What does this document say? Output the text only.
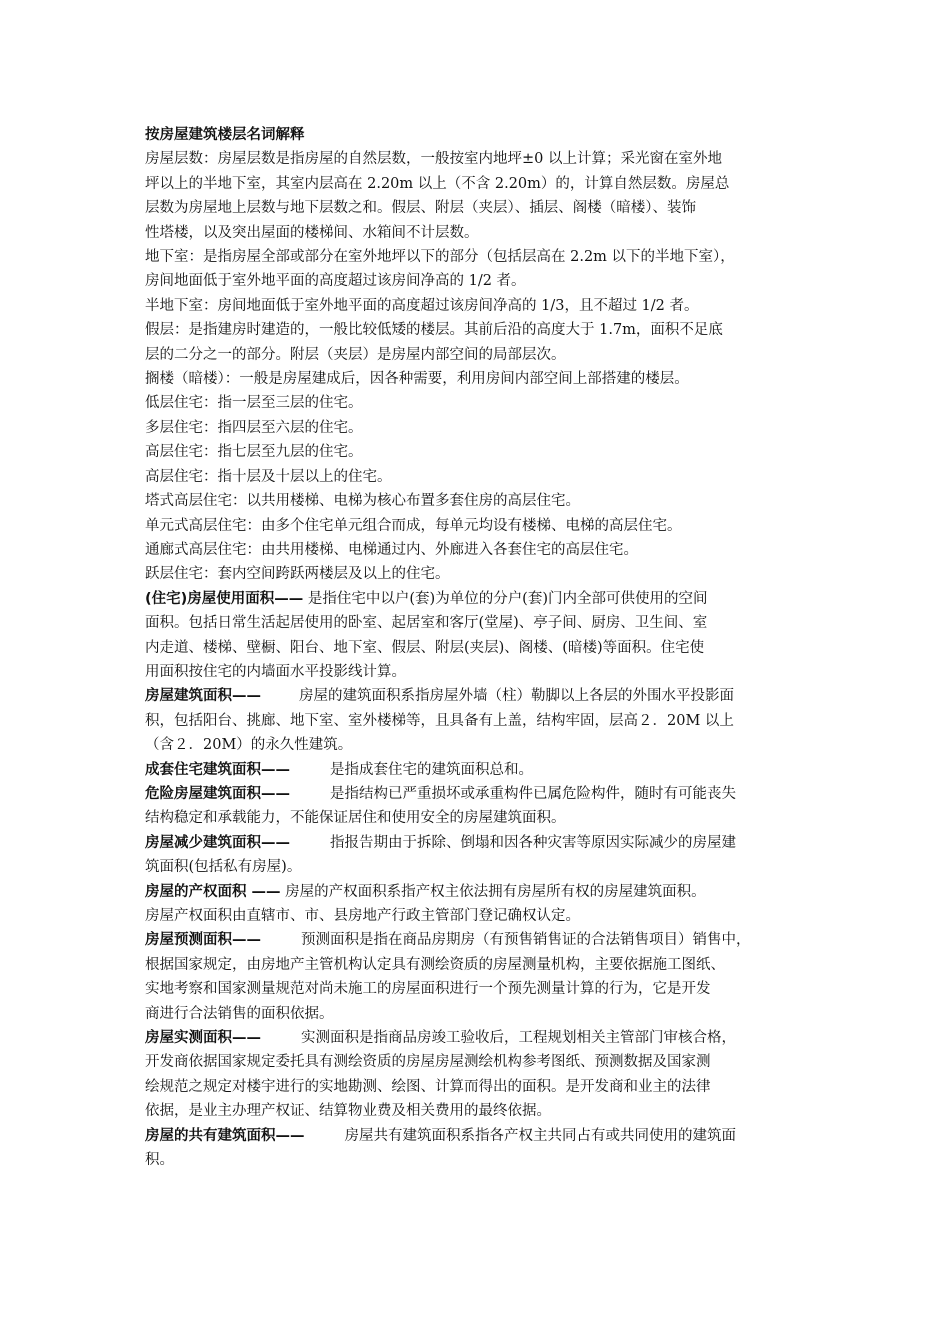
按房屋建筑楼层名词解释
房屋层数：房屋层数是指房屋的自然层数，一般按室内地坪±0 以上计算；采光窗在室外地
坪以上的半地下室，其室内层高在 2.20m 以上（不含 2.20m）的，计算自然层数。房屋总
层数为房屋地上层数与地下层数之和。假层、附层（夹层）、插层、阁楼（暗楼）、装饰
性塔楼，以及突出屋面的楼梯间、水箱间不计层数。
地下室：是指房屋全部或部分在室外地坪以下的部分（包括层高在 2.2m 以下的半地下室），
房间地面低于室外地平面的高度超过该房间净高的 1/2 者。
半地下室：房间地面低于室外地平面的高度超过该房间净高的 1/3，且不超过 1/2 者。
假层：是指建房时建造的，一般比较低矮的楼层。其前后沿的高度大于 1.7m，面积不足底
层的二分之一的部分。附层（夹层）是房屋内部空间的局部层次。
搁楼（暗楼）：一般是房屋建成后，因各种需要，利用房间内部空间上部搭建的楼层。
低层住宅：指一层至三层的住宅。
多层住宅：指四层至六层的住宅。
高层住宅：指七层至九层的住宅。
高层住宅：指十层及十层以上的住宅。
塔式高层住宅：以共用楼梯、电梯为核心布置多套住房的高层住宅。
单元式高层住宅：由多个住宅单元组合而成，每单元均设有楼梯、电梯的高层住宅。
通廊式高层住宅：由共用楼梯、电梯通过内、外廊进入各套住宅的高层住宅。
跃层住宅：套内空间跨跃两楼层及以上的住宅。
(住宅)房屋使用面积—— 是指住宅中以户(套)为单位的分户(套)门内全部可供使用的空间
面积。包括日常生活起居使用的卧室、起居室和客厅(堂屋)、亭子间、厨房、卫生间、室
内走道、楼梯、壁橱、阳台、地下室、假层、附层(夹层)、阁楼、(暗楼)等面积。住宅使
用面积按住宅的内墙面水平投影线计算。
房屋建筑面积——	房屋的建筑面积系指房屋外墙（柱）勒脚以上各层的外围水平投影面
积，包括阳台、挑廊、地下室、室外楼梯等，且具备有上盖，结构牢固，层高２．20M 以上
（含２．20M）的永久性建筑。
成套住宅建筑面积——	是指成套住宅的建筑面积总和。
危险房屋建筑面积——	是指结构已严重损坏或承重构件已属危险构件，随时有可能丧失
结构稳定和承载能力，不能保证居住和使用安全的房屋建筑面积。
房屋减少建筑面积——	指报告期由于拆除、倒塌和因各种灾害等原因实际减少的房屋建
筑面积(包括私有房屋)。
房屋的产权面积 —— 房屋的产权面积系指产权主依法拥有房屋所有权的房屋建筑面积。
房屋产权面积由直辖市、市、县房地产行政主管部门登记确权认定。
房屋预测面积——	预测面积是指在商品房期房（有预售销售证的合法销售项目）销售中，
根据国家规定，由房地产主管机构认定具有测绘资质的房屋测量机构，主要依据施工图纸、
实地考察和国家测量规范对尚未施工的房屋面积进行一个预先测量计算的行为，它是开发
商进行合法销售的面积依据。
房屋实测面积——	实测面积是指商品房竣工验收后，工程规划相关主管部门审核合格，
开发商依据国家规定委托具有测绘资质的房屋房屋测绘机构参考图纸、预测数据及国家测
绘规范之规定对楼宇进行的实地勘测、绘图、计算而得出的面积。是开发商和业主的法律
依据，是业主办理产权证、结算物业费及相关费用的最终依据。
房屋的共有建筑面积——	房屋共有建筑面积系指各产权主共同占有或共同使用的建筑面
积。
